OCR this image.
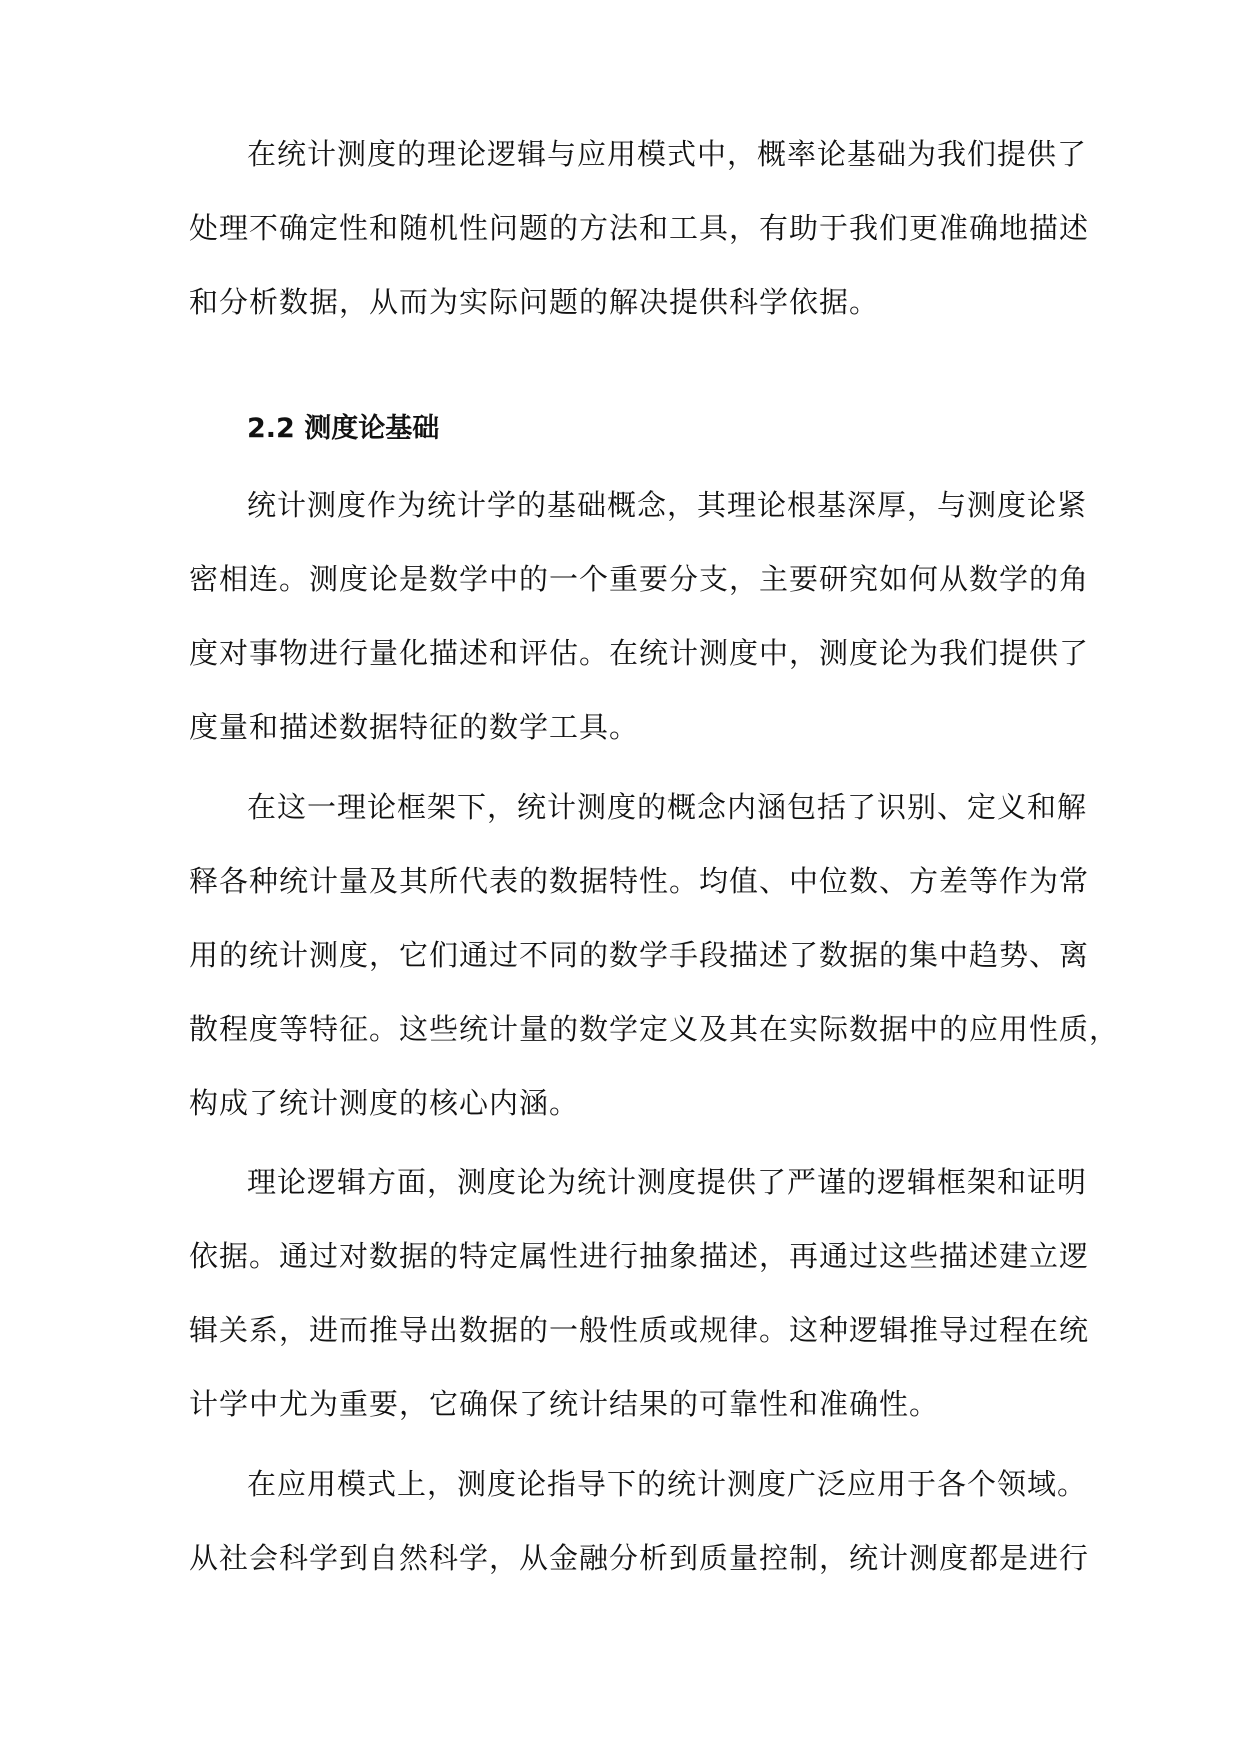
在统计测度的理论逻辑与应用模式中，概率论基础为我们提供了
处理不确定性和随机性问题的方法和工具，有助于我们更准确地描述
和分析数据，从而为实际问题的解决提供科学依据。
2.2 测度论基础
统计测度作为统计学的基础概念，其理论根基深厚，与测度论紧
密相连。测度论是数学中的一个重要分支，主要研究如何从数学的角
度对事物进行量化描述和评估。在统计测度中，测度论为我们提供了
度量和描述数据特征的数学工具。
在这一理论框架下，统计测度的概念内涵包括了识别、定义和解
释各种统计量及其所代表的数据特性。均值、中位数、方差等作为常
用的统计测度，它们通过不同的数学手段描述了数据的集中趋势、离
散程度等特征。这些统计量的数学定义及其在实际数据中的应用性质，
构成了统计测度的核心内涵。
理论逻辑方面，测度论为统计测度提供了严谨的逻辑框架和证明
依据。通过对数据的特定属性进行抽象描述，再通过这些描述建立逻
辑关系，进而推导出数据的一般性质或规律。这种逻辑推导过程在统
计学中尤为重要，它确保了统计结果的可靠性和准确性。
在应用模式上，测度论指导下的统计测度广泛应用于各个领域。
从社会科学到自然科学，从金融分析到质量控制，统计测度都是进行
